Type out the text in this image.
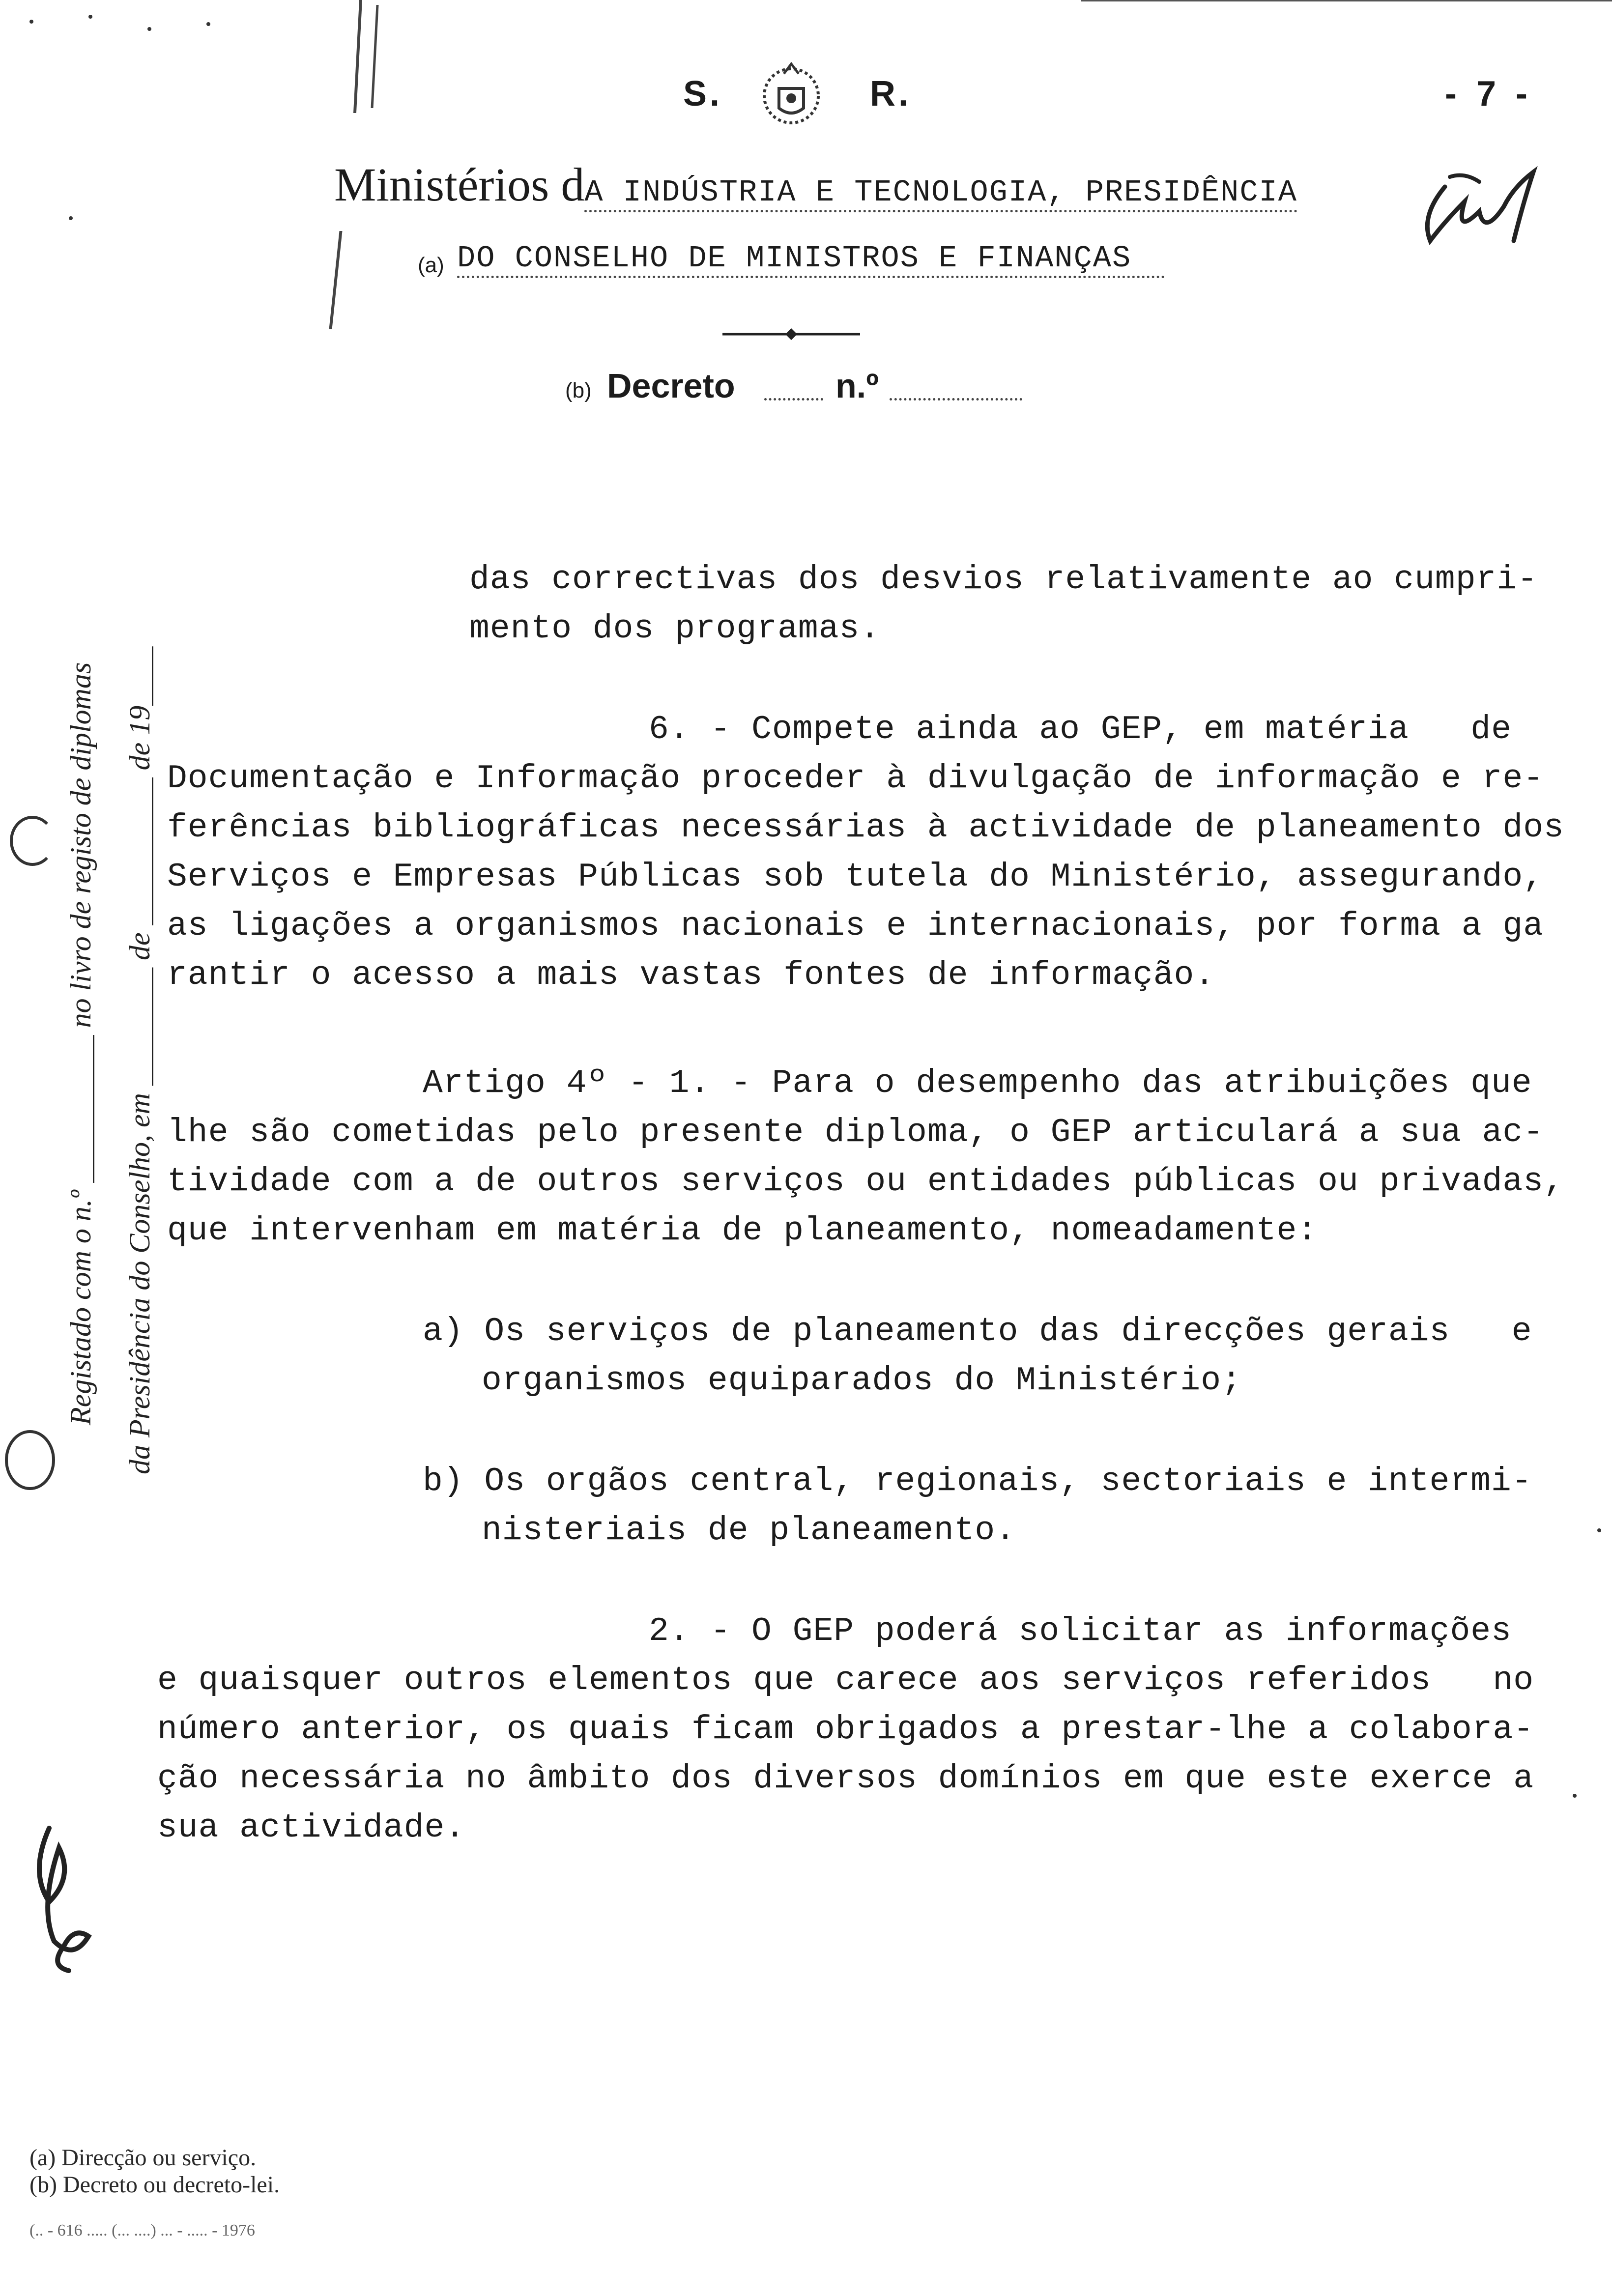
S.	R.	- 7 -
Ministérios dA INDÚSTRIA E TECNOLOGIA, PRESIDÊNCIA
(a) DO CONSELHO DE MINISTROS E FINANÇAS
(b) Decreto	n.º
Registado com o n.º __________ no livro de registo de diplomas da Presidência do Conselho, em ________ de __________ de 19____
das correctivas dos desvios relativamente ao cumpri-
mento dos programas.
6. - Compete ainda ao GEP, em matéria   de
Documentação e Informação proceder à divulgação de informação e re-
ferências bibliográficas necessárias à actividade de planeamento dos
Serviços e Empresas Públicas sob tutela do Ministério, assegurando,
as ligações a organismos nacionais e internacionais, por forma a ga
rantir o acesso a mais vastas fontes de informação.
Artigo 4º - 1. - Para o desempenho das atribuições que
lhe são cometidas pelo presente diploma, o GEP articulará a sua ac-
tividade com a de outros serviços ou entidades públicas ou privadas,
que intervenham em matéria de planeamento, nomeadamente:
a) Os serviços de planeamento das direcções gerais   e
organismos equiparados do Ministério;
b) Os orgãos central, regionais, sectoriais e intermi-
nisteriais de planeamento.
2. - O GEP poderá solicitar as informações
e quaisquer outros elementos que carece aos serviços referidos   no
número anterior, os quais ficam obrigados a prestar-lhe a colabora-
ção necessária no âmbito dos diversos domínios em que este exerce a
sua actividade.
(a) Direcção ou serviço.
(b) Decreto ou decreto-lei.
(.. - 616 ..... (... ....) ... - ..... - 1976
